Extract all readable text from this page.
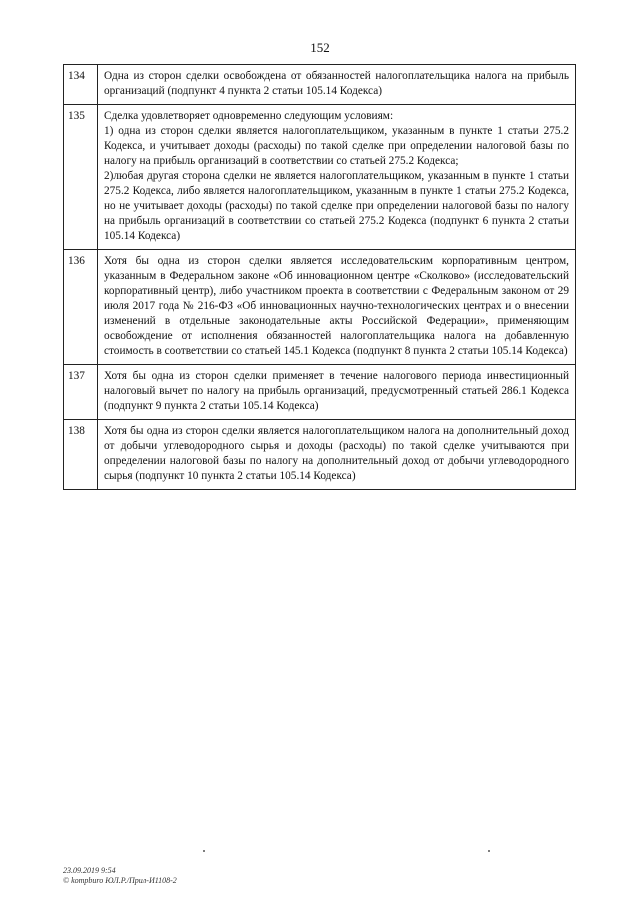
152
134	Одна из сторон сделки освобождена от обязанностей налогоплательщика налога на прибыль организаций (подпункт 4 пункта 2 статьи 105.14 Кодекса)

135	Сделка удовлетворяет одновременно следующим условиям:
1) одна из сторон сделки является налогоплательщиком, указанным в пункте 1 статьи 275.2 Кодекса, и учитывает доходы (расходы) по такой сделке при определении налоговой базы по налогу на прибыль организаций в соответствии со статьей 275.2 Кодекса;
2)любая другая сторона сделки не является налогоплательщиком, указанным в пункте 1 статьи 275.2 Кодекса, либо является налогоплательщиком, указанным в пункте 1 статьи 275.2 Кодекса, но не учитывает доходы (расходы) по такой сделке при определении налоговой базы по налогу на прибыль организаций в соответствии со статьей 275.2 Кодекса (подпункт 6 пункта 2 статьи 105.14 Кодекса)

136	Хотя бы одна из сторон сделки является исследовательским корпоративным центром, указанным в Федеральном законе «Об инновационном центре «Сколково» (исследовательский корпоративный центр), либо участником проекта в соответствии с Федеральным законом от 29 июля 2017 года № 216-ФЗ «Об инновационных научно-технологических центрах и о внесении изменений в отдельные законодательные акты Российской Федерации», применяющим освобождение от исполнения обязанностей налогоплательщика налога на добавленную стоимость в соответствии со статьей 145.1 Кодекса (подпункт 8 пункта 2 статьи 105.14 Кодекса)

137	Хотя бы одна из сторон сделки применяет в течение налогового периода инвестиционный налоговый вычет по налогу на прибыль организаций, предусмотренный статьей 286.1 Кодекса (подпункт 9 пункта 2 статьи 105.14 Кодекса)

138	Хотя бы одна из сторон сделки является налогоплательщиком налога на дополнительный доход от добычи углеводородного сырья и доходы (расходы) по такой сделке учитываются при определении налоговой базы по налогу на дополнительный доход от добычи углеводородного сырья (подпункт 10 пункта 2 статьи 105.14 Кодекса)
23.09.2019 9:54
© kompburo ЮЛ.Р./Прил-И1108-2
